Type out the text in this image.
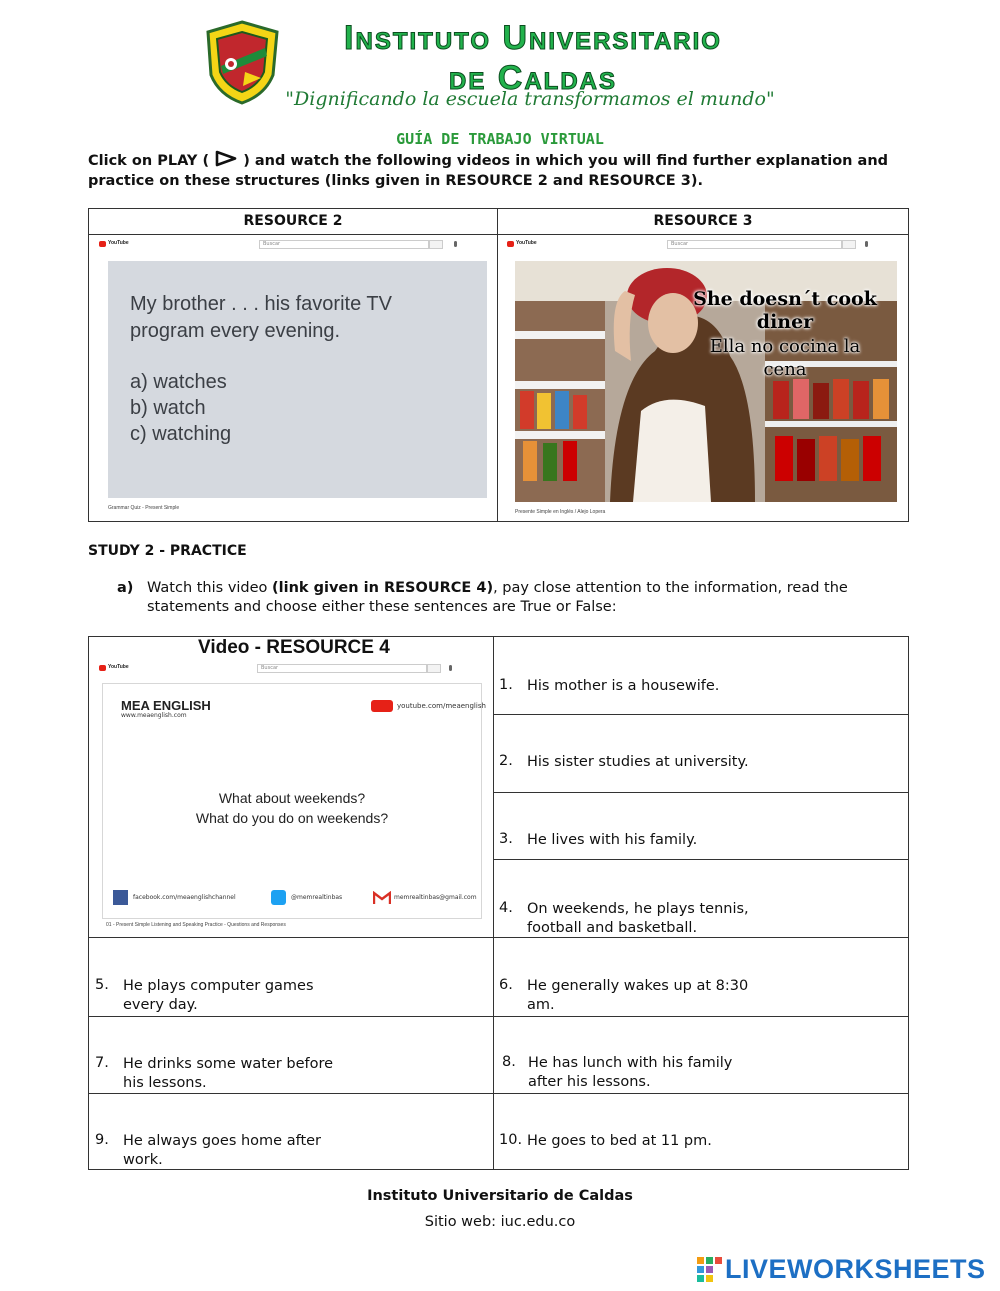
Instituto Universitario
de Caldas
"Dignificando la escuela transformamos el mundo"
GUÍA DE TRABAJO VIRTUAL
Click on PLAY ( ) and watch the following videos in which you will find further explanation and practice on these structures (links given in RESOURCE 2 and RESOURCE 3).
RESOURCE 2	RESOURCE 3
YouTube	Buscar
My brother . . . his favorite TV
program every evening.
a) watches
b) watch
c) watching
Grammar Quiz - Present Simple
YouTube	Buscar
She doesn´t cook
diner
Ella no cocina la
cena
Presente Simple en Inglés / Alejo Lopera
STUDY 2 - PRACTICE
a) Watch this video (link given in RESOURCE 4), pay close attention to the information, read the statements and choose either these sentences are True or False:
YouTube	Buscar
MEA ENGLISH
www.meaenglish.com
youtube.com/meaenglish
What about weekends?
What do you do on weekends?
facebook.com/meaenglishchannel	@memrealtinbas	memrealtinbas@gmail.com
01 - Present Simple Listening and Speaking Practice - Questions and Responses
1. His mother is a housewife.
2. His sister studies at university.
3. He lives with his family.
4. On weekends, he plays tennis,
football and basketball.
5. He plays computer games
every day.
6. He generally wakes up at 8:30
am.
7. He drinks some water before
his lessons.
8. He has lunch with his family
after his lessons.
9. He always goes home after
work.
10. He goes to bed at 11 pm.
Video - RESOURCE 4
Instituto Universitario de Caldas
Sitio web: iuc.edu.co
LIVEWORKSHEETS
